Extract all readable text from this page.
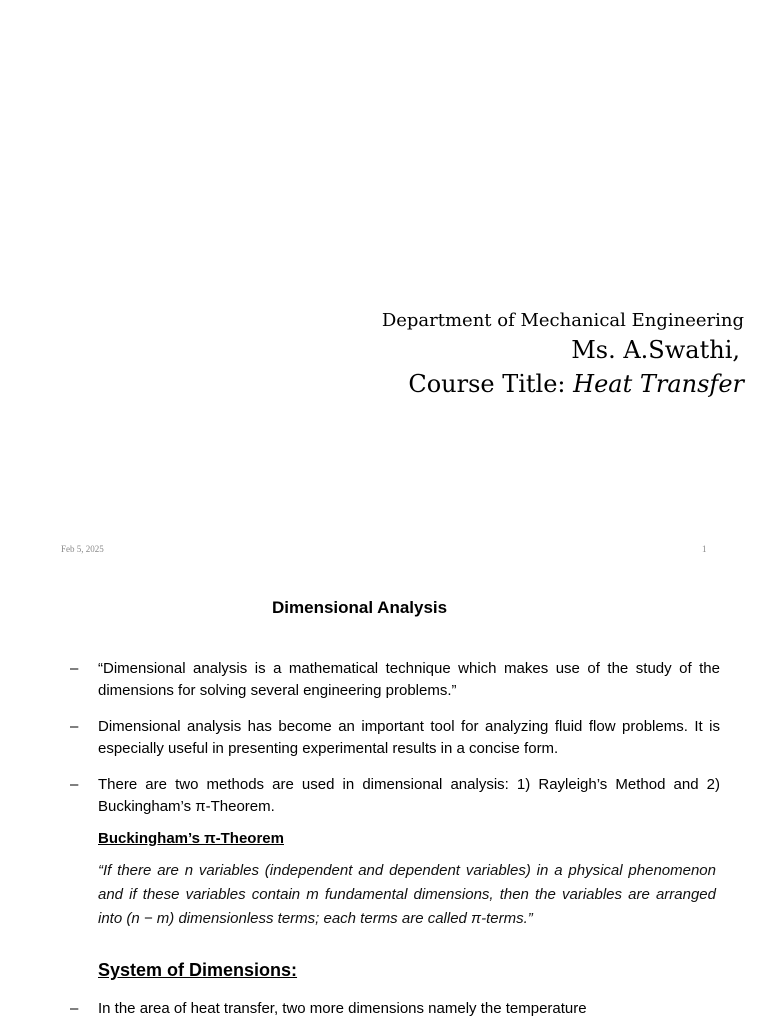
Department of Mechanical Engineering
Ms. A.Swathi,
Course Title: Heat Transfer
Feb 5, 2025	1
Dimensional Analysis
–	“Dimensional analysis is a mathematical technique which makes use of the study of the dimensions for solving several engineering problems.”
–	Dimensional analysis has become an important tool for analyzing fluid flow problems. It is especially useful in presenting experimental results in a concise form.
–	There are two methods are used in dimensional analysis: 1) Rayleigh’s Method and 2) Buckingham’s π-Theorem.
Buckingham’s π-Theorem
“If there are n variables (independent and dependent variables) in a physical phenomenon and if these variables contain m fundamental dimensions, then the variables are arranged into (n − m) dimensionless terms; each terms are called π-terms.”
System of Dimensions:
–	In the area of heat transfer, two more dimensions namely the temperature
